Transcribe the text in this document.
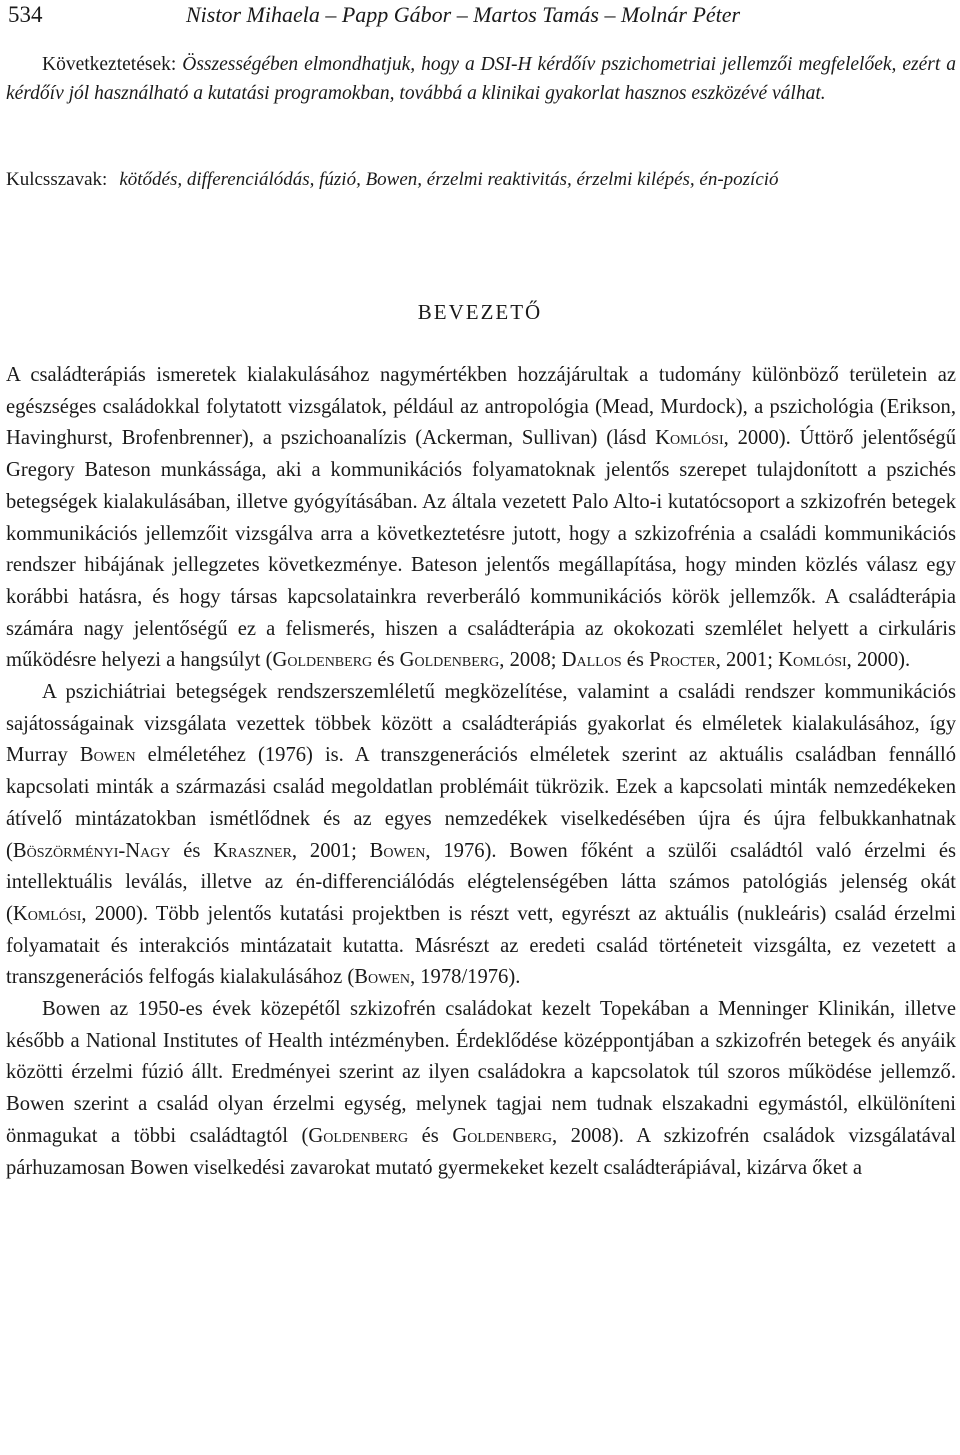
534	Nistor Mihaela – Papp Gábor – Martos Tamás – Molnár Péter
Következtetések: Összességében elmondhatjuk, hogy a DSI-H kérdőív pszichometriai jellemzői megfelelőek, ezért a kérdőív jól használható a kutatási programokban, továbbá a klinikai gyakorlat hasznos eszközévé válhat.
Kulcsszavak: kötődés, differenciálódás, fúzió, Bowen, érzelmi reaktivitás, érzelmi kilépés, én-pozíció
BEVEZETŐ

A családterápiás ismeretek kialakulásához nagymértékben hozzájárultak a tudomány különböző területein az egészséges családokkal folytatott vizsgálatok, például az antropológia (Mead, Murdock), a pszichológia (Erikson, Havinghurst, Brofenbrenner), a pszichoanalízis (Ackerman, Sullivan) (lásd Komlósi, 2000). Úttörő jelentőségű Gregory Bateson munkássága, aki a kommunikációs folyamatoknak jelentős szerepet tulajdonított a pszichés betegségek kialakulásában, illetve gyógyításában. Az általa vezetett Palo Alto-i kutatócsoport a szkizofrén betegek kommunikációs jellemzőit vizsgálva arra a következtetésre jutott, hogy a szkizofrénia a családi kommunikációs rendszer hibájának jellegzetes következménye. Bateson jelentős megállapítása, hogy minden közlés válasz egy korábbi hatásra, és hogy társas kapcsolatainkra reverberáló kommunikációs körök jellemzők. A családterápia számára nagy jelentőségű ez a felismerés, hiszen a családterápia az okokozati szemlélet helyett a cirkuláris működésre helyezi a hangsúlyt (Goldenberg és Goldenberg, 2008; Dallos és Procter, 2001; Komlósi, 2000).

A pszichiátriai betegségek rendszerszemléletű megközelítése, valamint a családi rendszer kommunikációs sajátosságainak vizsgálata vezettek többek között a családterápiás gyakorlat és elméletek kialakulásához, így Murray Bowen elméletéhez (1976) is. A transzgenerációs elméletek szerint az aktuális családban fennálló kapcsolati minták a származási család megoldatlan problémáit tükrözik. Ezek a kapcsolati minták nemzedékeken átívelő mintázatokban ismétlődnek és az egyes nemzedékek viselkedésében újra és újra felbukkanhatnak (Böszörményi-Nagy és Kraszner, 2001; Bowen, 1976). Bowen főként a szülői családtól való érzelmi és intellektuális leválás, illetve az én-differenciálódás elégtelenségében látta számos patológiás jelenség okát (Komlósi, 2000). Több jelentős kutatási projektben is részt vett, egyrészt az aktuális (nukleáris) család érzelmi folyamatait és interakciós mintázatait kutatta. Másrészt az eredeti család történeteit vizsgálta, ez vezetett a transzgenerációs felfogás kialakulásához (Bowen, 1978/1976).

Bowen az 1950-es évek közepétől szkizofrén családokat kezelt Topekában a Menninger Klinikán, illetve később a National Institutes of Health intézményben. Érdeklődése középpontjában a szkizofrén betegek és anyáik közötti érzelmi fúzió állt. Eredményei szerint az ilyen családokra a kapcsolatok túl szoros működése jellemző. Bowen szerint a család olyan érzelmi egység, melynek tagjai nem tudnak elszakadni egymástól, elkülöníteni önmagukat a többi családtagtól (Goldenberg és Goldenberg, 2008). A szkizofrén családok vizsgálatával párhuzamosan Bowen viselkedési zavarokat mutató gyermekeket kezelt családterápiával, kizárva őket a
